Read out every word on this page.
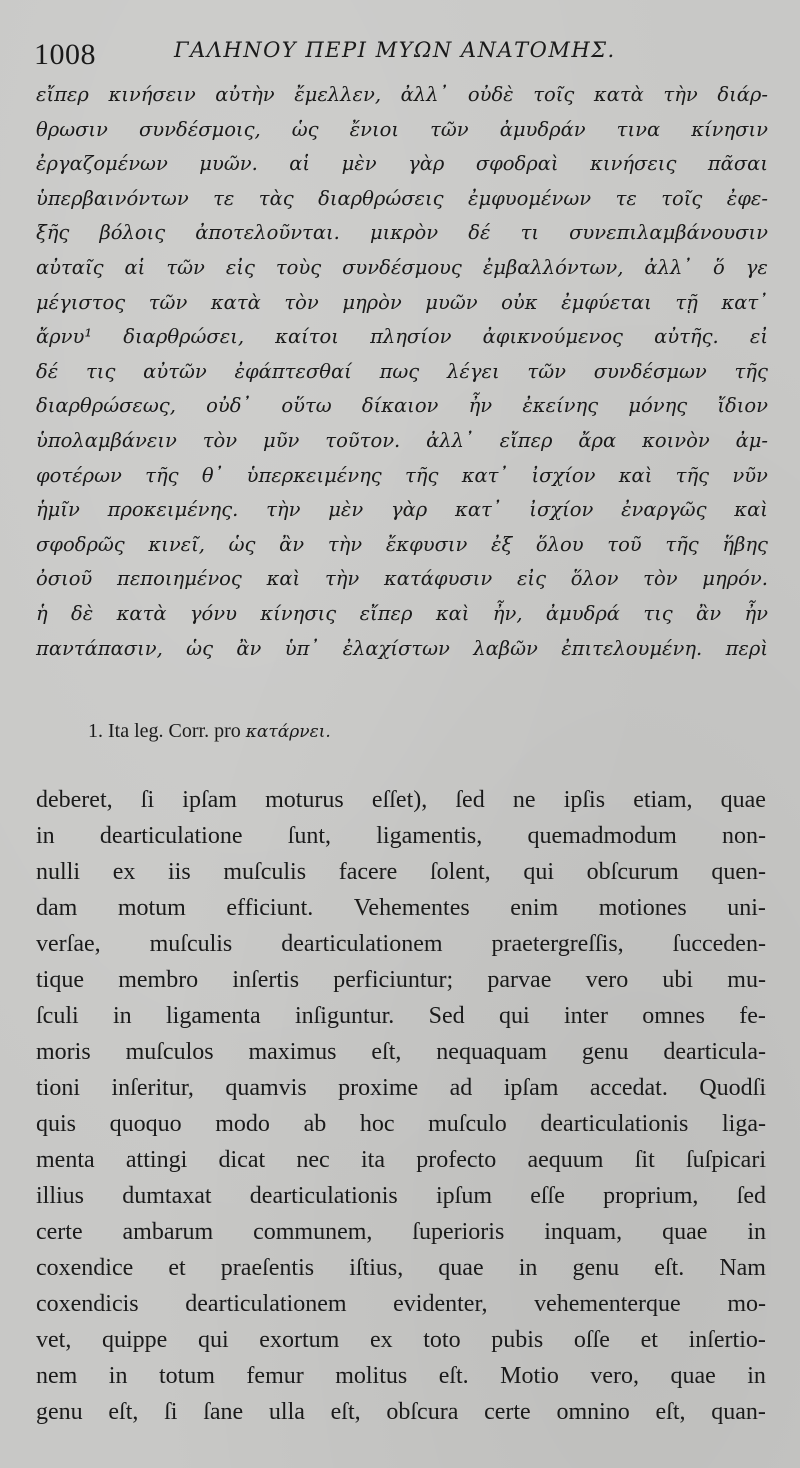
1008	ΓΑΛΗΝΟΥ ΠΕΡΙ ΜΥΩΝ ΑΝΑΤΟΜΗΣ.
εἴπερ κινήσειν αὐτὴν ἔμελλεν, ἀλλ᾿ οὐδὲ τοῖς κατὰ τὴν διάρ-
θρωσιν συνδέσμοις, ὡς ἔνιοι τῶν ἀμυδράν τινα κίνησιν
ἐργαζομένων μυῶν. αἱ μὲν γὰρ σφοδραὶ κινήσεις πᾶσαι
ὑπερβαινόντων τε τὰς διαρθρώσεις ἐμφυομένων τε τοῖς ἐφε-
ξῆς βόλοις ἀποτελοῦνται. μικρὸν δέ τι συνεπιλαμβάνουσιν
αὐταῖς αἱ τῶν εἰς τοὺς συνδέσμους ἐμβαλλόντων, ἀλλ᾿ ὅ γε
μέγιστος τῶν κατὰ τὸν μηρὸν μυῶν οὐκ ἐμφύεται τῇ κατ᾿
ἄρνυ¹ διαρθρώσει, καίτοι πλησίον ἀφικνούμενος αὐτῆς. εἰ
δέ τις αὐτῶν ἐφάπτεσθαί πως λέγει τῶν συνδέσμων τῆς
διαρθρώσεως, οὐδ᾿ οὕτω δίκαιον ἦν ἐκείνης μόνης ἴδιον
ὑπολαμβάνειν τὸν μῦν τοῦτον. ἀλλ᾿ εἴπερ ἄρα κοινὸν ἀμ-
φοτέρων τῆς θ᾿ ὑπερκειμένης τῆς κατ᾿ ἰσχίον καὶ τῆς νῦν
ἡμῖν προκειμένης. τὴν μὲν γὰρ κατ᾿ ἰσχίον ἐναργῶς καὶ
σφοδρῶς κινεῖ, ὡς ἂν τὴν ἔκφυσιν ἐξ ὅλου τοῦ τῆς ἥβης
ὀσιοῦ πεποιημένος καὶ τὴν κατάφυσιν εἰς ὅλον τὸν μηρόν.
ἡ δὲ κατὰ γόνυ κίνησις εἴπερ καὶ ἦν, ἀμυδρά τις ἂν ἦν
παντάπασιν, ὡς ἂν ὑπ᾿ ἐλαχίστων λαβῶν ἐπιτελουμένη. περὶ
1. Ita leg. Corr. pro κατάρνει.
deberet, ſi ipſam moturus eſſet), ſed ne ipſis etiam, quae
in dearticulatione ſunt, ligamentis, quemadmodum non-
nulli ex iis muſculis facere ſolent, qui obſcurum quen-
dam motum efficiunt. Vehementes enim motiones uni-
verſae, muſculis dearticulationem praetergreſſis, ſucceden-
tique membro inſertis perficiuntur; parvae vero ubi mu-
ſculi in ligamenta inſiguntur. Sed qui inter omnes fe-
moris muſculos maximus eſt, nequaquam genu dearticula-
tioni inſeritur, quamvis proxime ad ipſam accedat. Quodſi
quis quoquo modo ab hoc muſculo dearticulationis liga-
menta attingi dicat nec ita profecto aequum ſit ſuſpicari
illius dumtaxat dearticulationis ipſum eſſe proprium, ſed
certe ambarum communem, ſuperioris inquam, quae in
coxendice et praeſentis iſtius, quae in genu eſt. Nam
coxendicis dearticulationem evidenter, vehementerque mo-
vet, quippe qui exortum ex toto pubis oſſe et inſertio-
nem in totum femur molitus eſt. Motio vero, quae in
genu eſt, ſi ſane ulla eſt, obſcura certe omnino eſt, quan-
